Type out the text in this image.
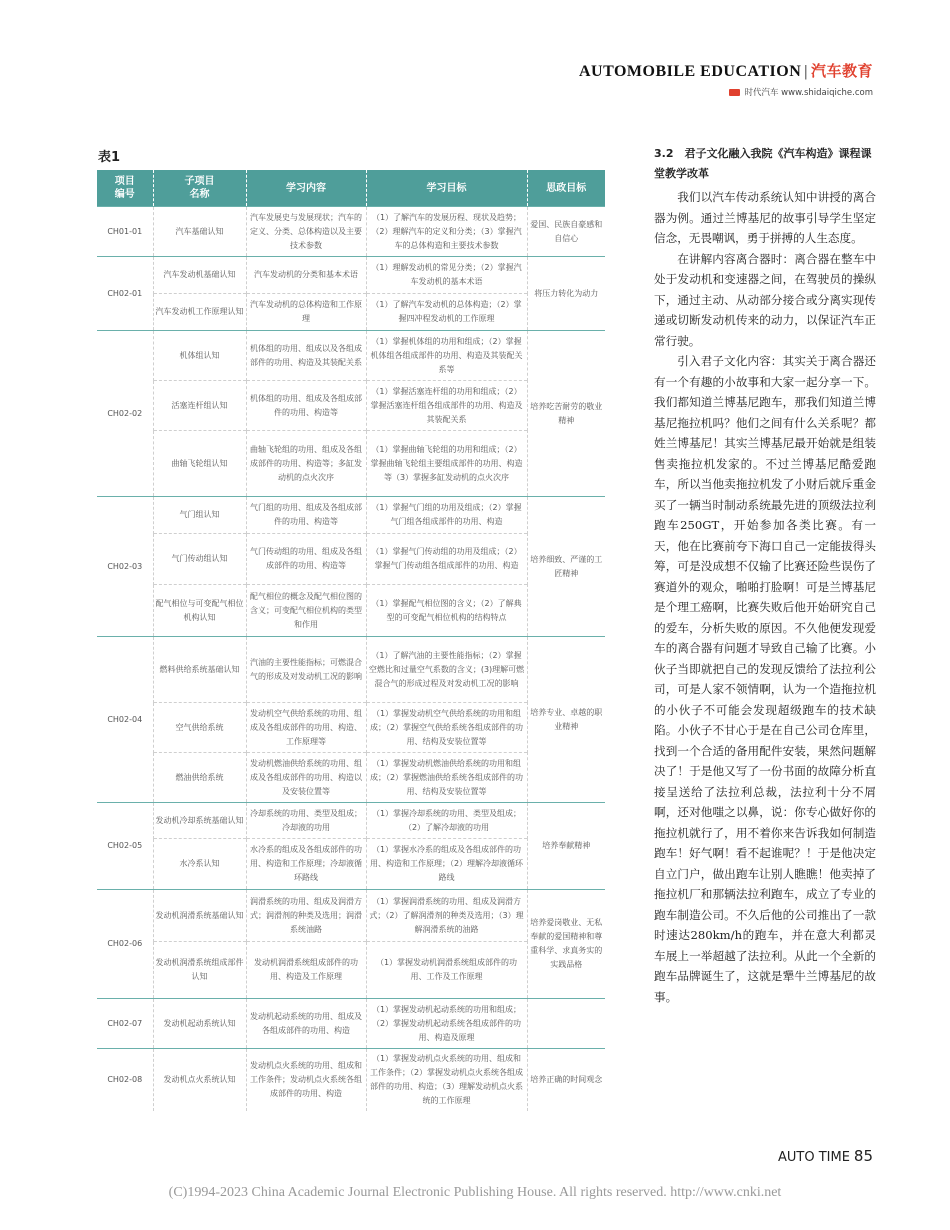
AUTOMOBILE EDUCATION | 汽车教育
时代汽车 www.shidaiqiche.com
表1
项目
编号	子项目
名称	学习内容	学习目标	思政目标
CH01-01	汽车基础认知	汽车发展史与发展现状；汽车的定义、分类、总体构造以及主要技术参数	（1）了解汽车的发展历程、现状及趋势；（2）理解汽车的定义和分类；（3）掌握汽车的总体构造和主要技术参数	爱国、民族自豪感和自信心
CH02-01	汽车发动机基础认知	汽车发动机的分类和基本术语	（1）理解发动机的常见分类；（2）掌握汽车发动机的基本术语	将压力转化为动力
	汽车发动机工作原理认知	汽车发动机的总体构造和工作原理	（1）了解汽车发动机的总体构造；（2）掌握四冲程发动机的工作原理	
CH02-02	机体组认知	机体组的功用、组成以及各组成部件的功用、构造及其装配关系	（1）掌握机体组的功用和组成；（2）掌握机体组各组成部件的功用、构造及其装配关系等	培养吃苦耐劳的敬业精神
	活塞连杆组认知	机体组的功用、组成及各组成部件的功用、构造等	（1）掌握活塞连杆组的功用和组成；（2）掌握活塞连杆组各组成部件的功用、构造及其装配关系	
	曲轴飞轮组认知	曲轴飞轮组的功用、组成及各组成部件的功用、构造等；多缸发动机的点火次序	（1）掌握曲轴飞轮组的功用和组成；（2）掌握曲轴飞轮组主要组成部件的功用、构造等（3）掌握多缸发动机的点火次序	
CH02-03	气门组认知	气门组的功用、组成及各组成部件的功用、构造等	（1）掌握气门组的功用及组成；（2）掌握气门组各组成部件的功用、构造	培养细致、严谨的工匠精神
	气门传动组认知	气门传动组的功用、组成及各组成部件的功用、构造等	（1）掌握气门传动组的功用及组成；（2）掌握气门传动组各组成部件的功用、构造	
	配气相位与可变配气相位机构认知	配气相位的概念及配气相位图的含义；可变配气相位机构的类型和作用	（1）掌握配气相位图的含义；（2）了解典型的可变配气相位机构的结构特点	
CH02-04	燃料供给系统基础认知	汽油的主要性能指标；可燃混合气的形成及对发动机工况的影响	（1）了解汽油的主要性能指标；（2）掌握空燃比和过量空气系数的含义；(3)理解可燃混合气的形成过程及对发动机工况的影响	培养专业、卓越的职业精神
	空气供给系统	发动机空气供给系统的功用、组成及各组成部件的功用、构造、工作原理等	（1）掌握发动机空气供给系统的功用和组成；（2）掌握空气供给系统各组成部件的功用、结构及安装位置等	
	燃油供给系统	发动机燃油供给系统的功用、组成及各组成部件的功用、构造以及安装位置等	（1）掌握发动机燃油供给系统的功用和组成；（2）掌握燃油供给系统各组成部件的功用、结构及安装位置等	
CH02-05	发动机冷却系统基础认知	冷却系统的功用、类型及组成；冷却液的功用	（1）掌握冷却系统的功用、类型及组成；（2）了解冷却液的功用	培养奉献精神
	水冷系认知	水冷系的组成及各组成部件的功用、构造和工作原理；冷却液循环路线	（1）掌握水冷系的组成及各组成部件的功用、构造和工作原理；（2）理解冷却液循环路线	
CH02-06	发动机润滑系统基础认知	润滑系统的功用、组成及润滑方式；润滑剂的种类及选用；润滑系统油路	（1）掌握润滑系统的功用、组成及润滑方式；（2）了解润滑剂的种类及选用；（3）理解润滑系统的油路	培养爱岗敬业、无私奉献的爱国精神和尊重科学、求真务实的实践品格
	发动机润滑系统组成部件认知	发动机润滑系统组成部件的功用、构造及工作原理	（1）掌握发动机润滑系统组成部件的功用、工作及工作原理	
CH02-07	发动机起动系统认知	发动机起动系统的功用、组成及各组成部件的功用、构造	（1）掌握发动机起动系统的功用和组成；（2）掌握发动机起动系统各组成部件的功用、构造及原理	
CH02-08	发动机点火系统认知	发动机点火系统的功用、组成和工作条件；发动机点火系统各组成部件的功用、构造	（1）掌握发动机点火系统的功用、组成和工作条件；（2）掌握发动机点火系统各组成部件的功用、构造；（3）理解发动机点火系统的工作原理	培养正确的时间观念
3.2　君子文化融入我院《汽车构造》课程课堂教学改革

我们以汽车传动系统认知中讲授的离合器为例。通过兰博基尼的故事引导学生坚定信念，无畏嘲讽，勇于拼搏的人生态度。

在讲解内容离合器时：离合器在整车中处于发动机和变速器之间，在驾驶员的操纵下，通过主动、从动部分接合或分离实现传递或切断发动机传来的动力，以保证汽车正常行驶。

引入君子文化内容：其实关于离合器还有一个有趣的小故事和大家一起分享一下。我们都知道兰博基尼跑车，那我们知道兰博基尼拖拉机吗？他们之间有什么关系呢？都姓兰博基尼！其实兰博基尼最开始就是组装售卖拖拉机发家的。不过兰博基尼酷爱跑车，所以当他卖拖拉机发了小财后就斥重金买了一辆当时制动系统最先进的顶级法拉利跑车250GT，开始参加各类比赛。有一天，他在比赛前夸下海口自己一定能拔得头筹，可是没成想不仅输了比赛还险些误伤了赛道外的观众，啪啪打脸啊！可是兰博基尼是个理工癌啊，比赛失败后他开始研究自己的爱车，分析失败的原因。不久他便发现爱车的离合器有问题才导致自己输了比赛。小伙子当即就把自己的发现反馈给了法拉利公司，可是人家不领情啊，认为一个造拖拉机的小伙子不可能会发现超级跑车的技术缺陷。小伙子不甘心于是在自己公司仓库里，找到一个合适的备用配件安装，果然问题解决了！于是他又写了一份书面的故障分析直接呈送给了法拉利总裁，法拉利十分不屑啊，还对他嗤之以鼻，说：你专心做好你的拖拉机就行了，用不着你来告诉我如何制造跑车！好气啊！看不起谁呢？！于是他决定自立门户，做出跑车让别人瞧瞧！他卖掉了拖拉机厂和那辆法拉利跑车，成立了专业的跑车制造公司。不久后他的公司推出了一款时速达280km/h的跑车，并在意大利都灵车展上一举超越了法拉利。从此一个全新的跑车品牌诞生了，这就是犟牛兰博基尼的故事。

AUTO TIME 85
(C)1994-2023 China Academic Journal Electronic Publishing House. All rights reserved. http://www.cnki.net
